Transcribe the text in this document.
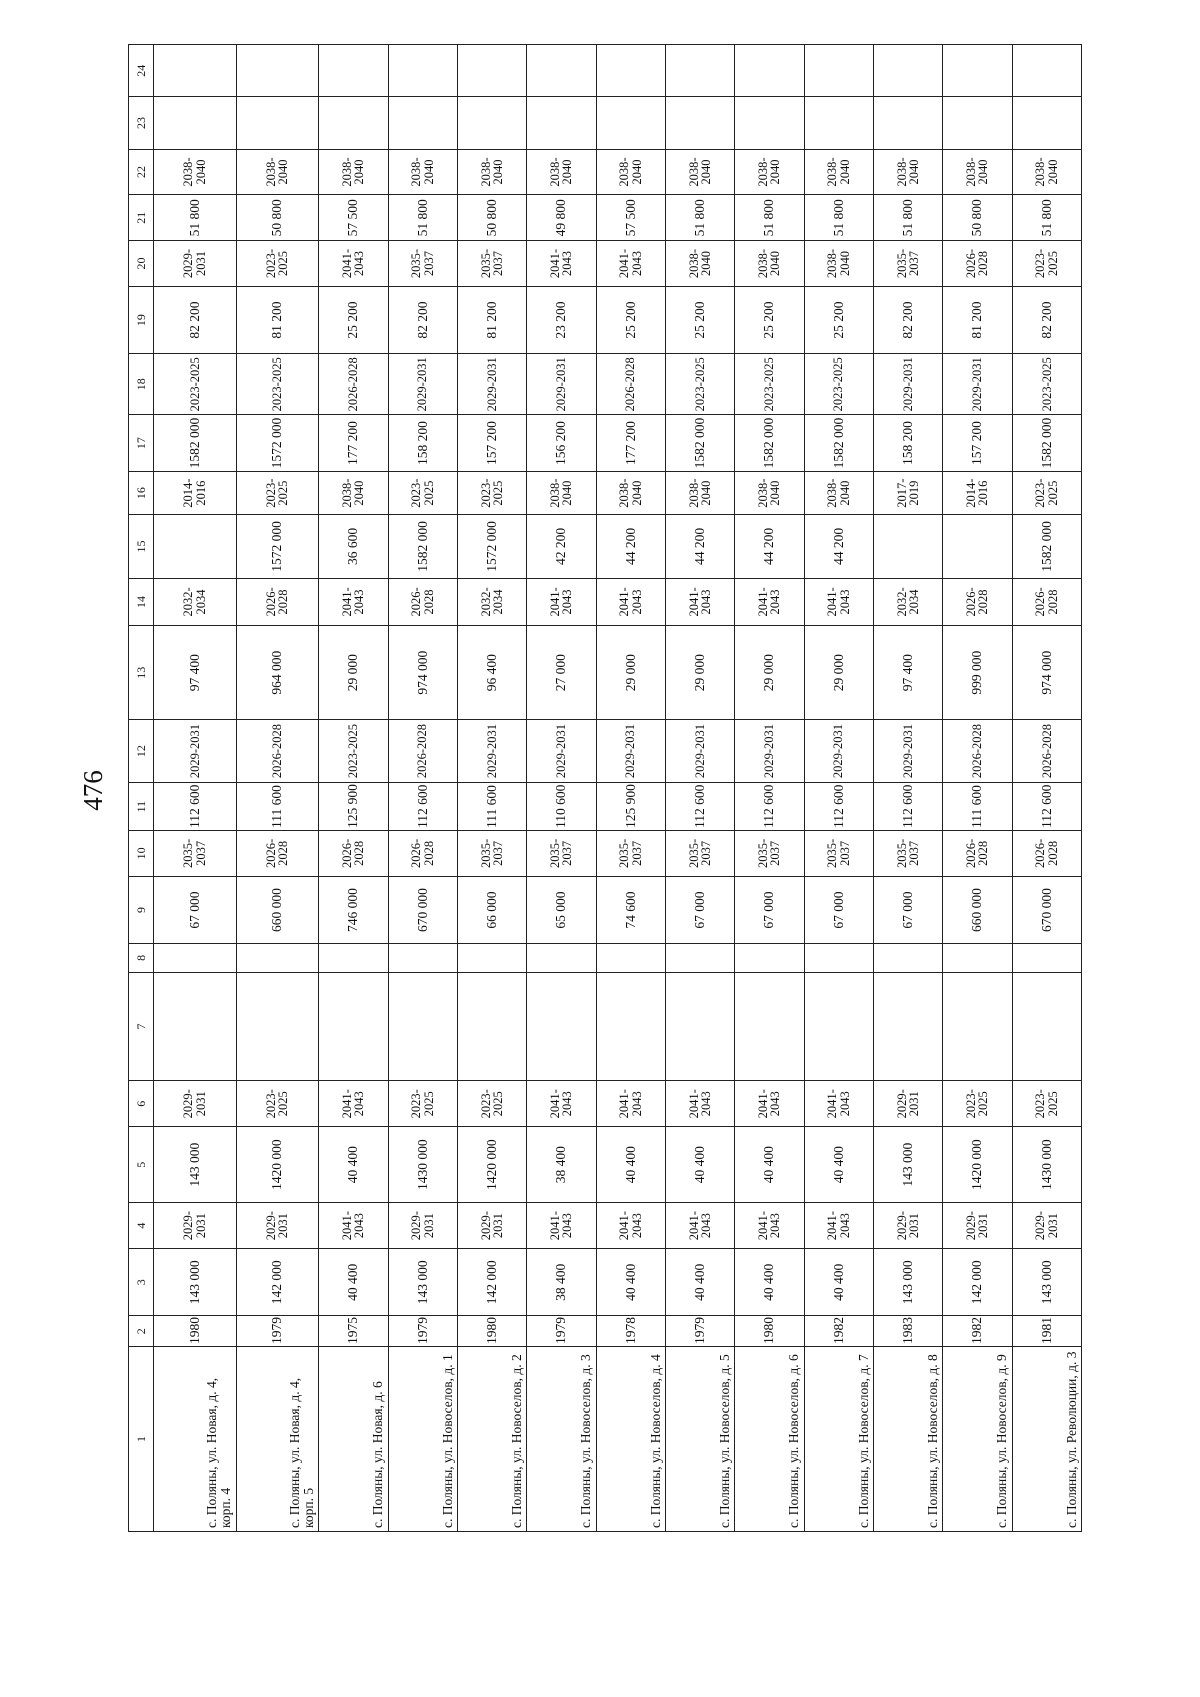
476
1	2	3	4	5	6	7	8	9	10	11	12	13	14	15	16	17	18	19	20	21	22	23	24
с. Поляны, ул. Новая, д. 4, корп. 4	1980	143 000	2029-2031	143 000	2029-2031			67 000	2035-2037	112 600	2029-2031	97 400	2032-2034		2014-2016	1582 000	2023-2025	82 200	2029-2031	51 800	2038-2040		
с. Поляны, ул. Новая, д. 4, корп. 5	1979	142 000	2029-2031	1420 000	2023-2025			660 000	2026-2028	111 600	2026-2028	964 000	2026-2028	1572 000	2023-2025	1572 000	2023-2025	81 200	2023-2025	50 800	2038-2040		
с. Поляны, ул. Новая, д. 6	1975	40 400	2041-2043	40 400	2041-2043			746 000	2026-2028	125 900	2023-2025	29 000	2041-2043	36 600	2038-2040	177 200	2026-2028	25 200	2041-2043	57 500	2038-2040		
с. Поляны, ул. Новоселов, д. 1	1979	143 000	2029-2031	1430 000	2023-2025			670 000	2026-2028	112 600	2026-2028	974 000	2026-2028	1582 000	2023-2025	158 200	2029-2031	82 200	2035-2037	51 800	2038-2040		
с. Поляны, ул. Новоселов, д. 2	1980	142 000	2029-2031	1420 000	2023-2025			66 000	2035-2037	111 600	2029-2031	96 400	2032-2034	1572 000	2023-2025	157 200	2029-2031	81 200	2035-2037	50 800	2038-2040		
с. Поляны, ул. Новоселов, д. 3	1979	38 400	2041-2043	38 400	2041-2043			65 000	2035-2037	110 600	2029-2031	27 000	2041-2043	42 200	2038-2040	156 200	2029-2031	23 200	2041-2043	49 800	2038-2040		
с. Поляны, ул. Новоселов, д. 4	1978	40 400	2041-2043	40 400	2041-2043			74 600	2035-2037	125 900	2029-2031	29 000	2041-2043	44 200	2038-2040	177 200	2026-2028	25 200	2041-2043	57 500	2038-2040		
с. Поляны, ул. Новоселов, д. 5	1979	40 400	2041-2043	40 400	2041-2043			67 000	2035-2037	112 600	2029-2031	29 000	2041-2043	44 200	2038-2040	1582 000	2023-2025	25 200	2038-2040	51 800	2038-2040		
с. Поляны, ул. Новоселов, д. 6	1980	40 400	2041-2043	40 400	2041-2043			67 000	2035-2037	112 600	2029-2031	29 000	2041-2043	44 200	2038-2040	1582 000	2023-2025	25 200	2038-2040	51 800	2038-2040		
с. Поляны, ул. Новоселов, д. 7	1982	40 400	2041-2043	40 400	2041-2043			67 000	2035-2037	112 600	2029-2031	29 000	2041-2043	44 200	2038-2040	1582 000	2023-2025	25 200	2038-2040	51 800	2038-2040		
с. Поляны, ул. Новоселов, д. 8	1983	143 000	2029-2031	143 000	2029-2031			67 000	2035-2037	112 600	2029-2031	97 400	2032-2034		2017-2019	158 200	2029-2031	82 200	2035-2037	51 800	2038-2040		
с. Поляны, ул. Новоселов, д. 9	1982	142 000	2029-2031	1420 000	2023-2025			660 000	2026-2028	111 600	2026-2028	999 000	2026-2028		2014-2016	157 200	2029-2031	81 200	2026-2028	50 800	2038-2040		
с. Поляны, ул. Революции, д. 3	1981	143 000	2029-2031	1430 000	2023-2025			670 000	2026-2028	112 600	2026-2028	974 000	2026-2028	1582 000	2023-2025	1582 000	2023-2025	82 200	2023-2025	51 800	2038-2040		
